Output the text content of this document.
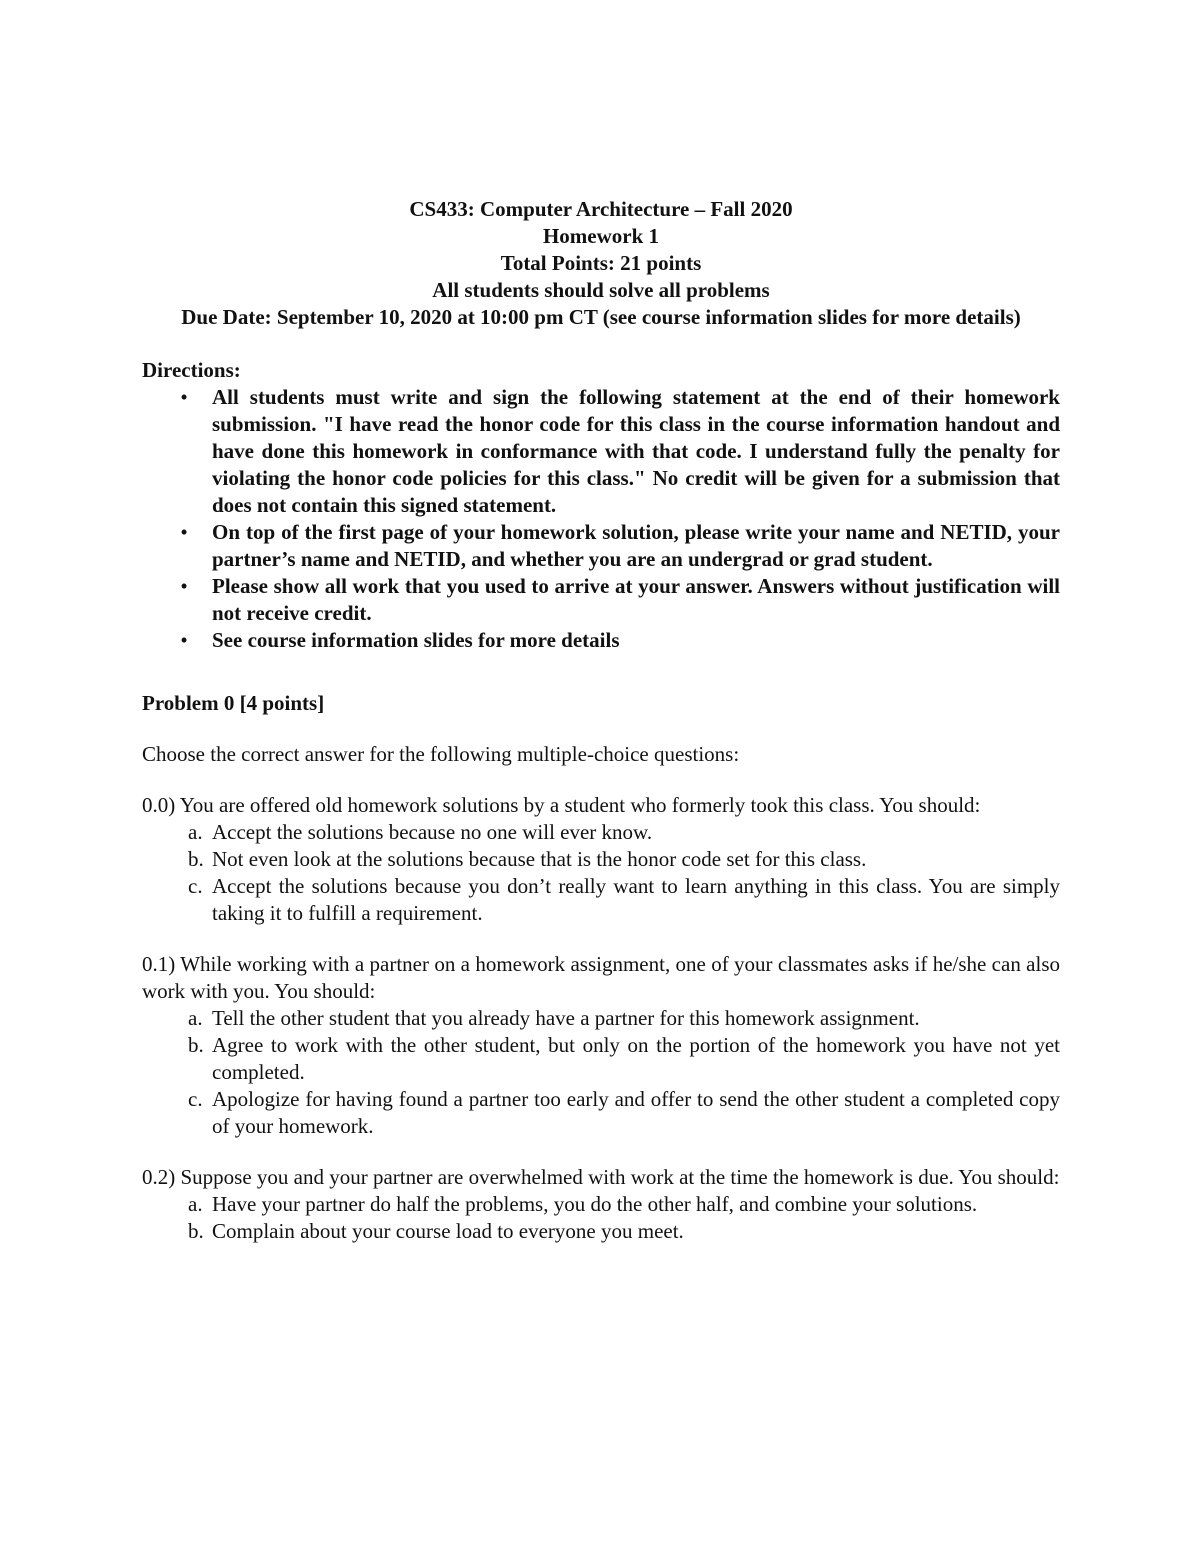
CS433: Computer Architecture – Fall 2020
Homework 1
Total Points: 21 points
All students should solve all problems
Due Date: September 10, 2020 at 10:00 pm CT (see course information slides for more details)
Directions:
•	All students must write and sign the following statement at the end of their homework submission. "I have read the honor code for this class in the course information handout and have done this homework in conformance with that code. I understand fully the penalty for violating the honor code policies for this class." No credit will be given for a submission that does not contain this signed statement.
•	On top of the first page of your homework solution, please write your name and NETID, your partner’s name and NETID, and whether you are an undergrad or grad student.
•	Please show all work that you used to arrive at your answer. Answers without justification will not receive credit.
•	See course information slides for more details
Problem 0 [4 points]
Choose the correct answer for the following multiple-choice questions:
0.0) You are offered old homework solutions by a student who formerly took this class. You should:
a. Accept the solutions because no one will ever know.
b. Not even look at the solutions because that is the honor code set for this class.
c. Accept the solutions because you don’t really want to learn anything in this class. You are simply taking it to fulfill a requirement.
0.1) While working with a partner on a homework assignment, one of your classmates asks if he/she can also work with you. You should:
a. Tell the other student that you already have a partner for this homework assignment.
b. Agree to work with the other student, but only on the portion of the homework you have not yet completed.
c. Apologize for having found a partner too early and offer to send the other student a completed copy of your homework.
0.2) Suppose you and your partner are overwhelmed with work at the time the homework is due. You should:
a. Have your partner do half the problems, you do the other half, and combine your solutions.
b. Complain about your course load to everyone you meet.
